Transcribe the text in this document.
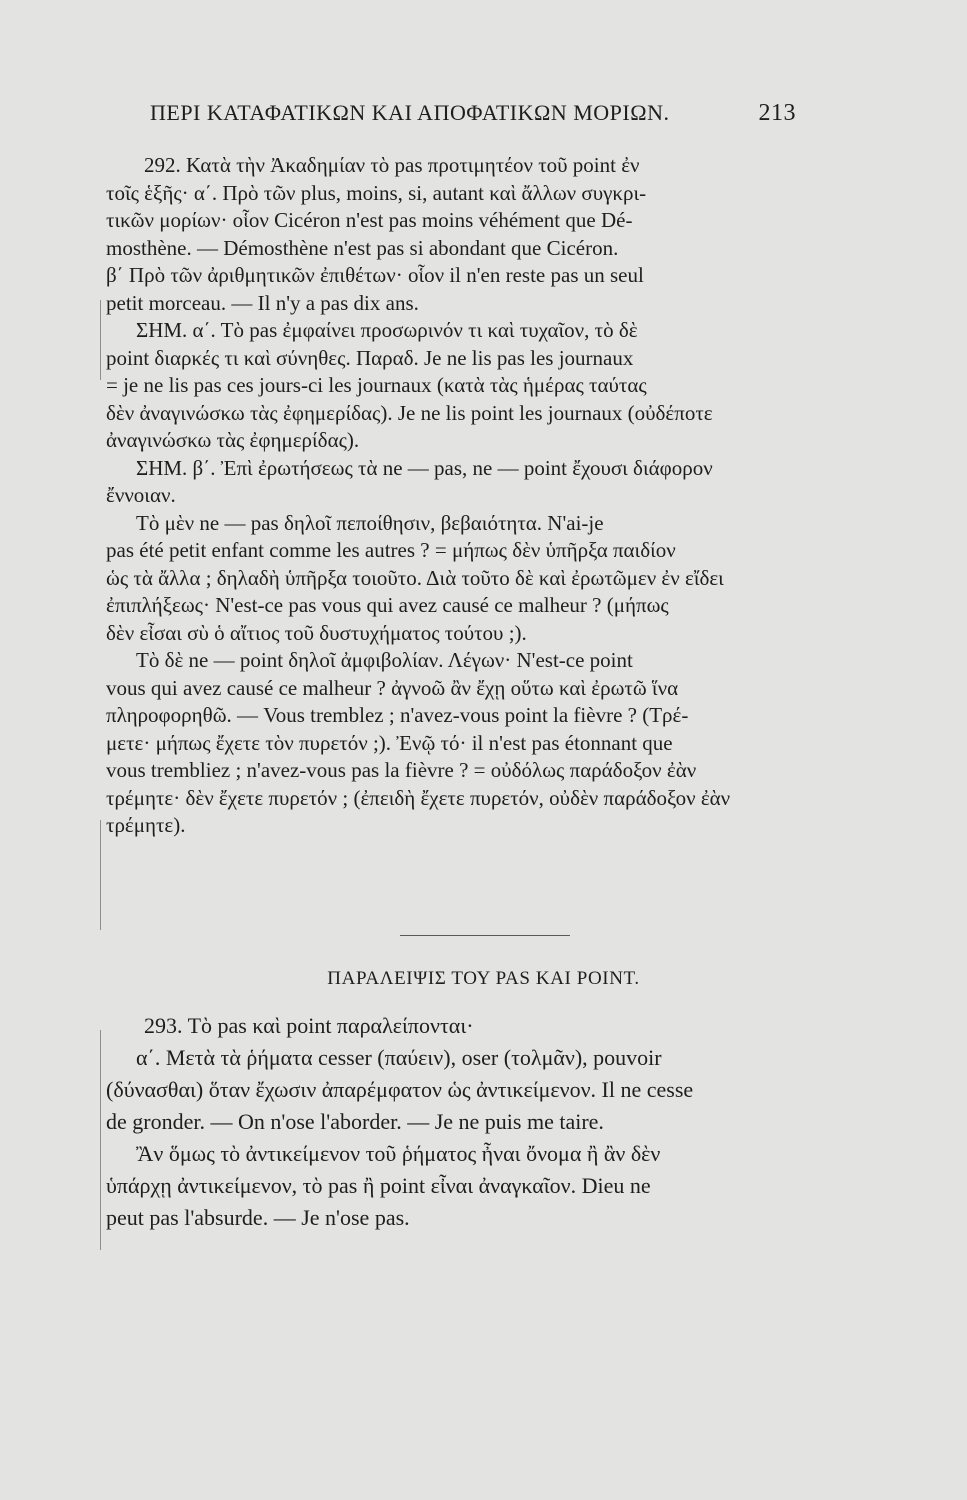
ΠΕΡΙ ΚΑΤΑΦΑΤΙΚΩΝ ΚΑΙ ΑΠΟΦΑΤΙΚΩΝ ΜΟΡΙΩΝ.	213
292. Κατὰ τὴν Ἀκαδημίαν τὸ pas προτιμητέον τοῦ point ἐν
τοῖς ἑξῆς· α΄. Πρὸ τῶν plus, moins, si, autant καὶ ἄλλων συγκρι-
τικῶν μορίων· οἷον Cicéron n'est pas moins véhément que Dé-
mosthène. — Démosthène n'est pas si abondant que Cicéron.
β΄ Πρὸ τῶν ἀριθμητικῶν ἐπιθέτων· οἷον il n'en reste pas un seul
petit morceau. — Il n'y a pas dix ans.
ΣΗΜ. α΄. Τὸ pas ἐμφαίνει προσωρινόν τι καὶ τυχαῖον, τὸ δὲ
point διαρκές τι καὶ σύνηθες. Παραδ. Je ne lis pas les journaux
= je ne lis pas ces jours-ci les journaux (κατὰ τὰς ἡμέρας ταύτας
δὲν ἀναγινώσκω τὰς ἐφημερίδας). Je ne lis point les journaux (οὐδέποτε
ἀναγινώσκω τὰς ἐφημερίδας).
ΣΗΜ. β΄. Ἐπὶ ἐρωτήσεως τὰ ne — pas, ne — point ἔχουσι διάφορον
ἔννοιαν.
Τὸ μὲν ne — pas δηλοῖ πεποίθησιν, βεβαιότητα. N'ai-je
pas été petit enfant comme les autres ? = μήπως δὲν ὑπῆρξα παιδίον
ὡς τὰ ἄλλα ; δηλαδὴ ὑπῆρξα τοιοῦτο. Διὰ τοῦτο δὲ καὶ ἐρωτῶμεν ἐν εἴδει
ἐπιπλήξεως· N'est-ce pas vous qui avez causé ce malheur ? (μήπως
δὲν εἶσαι σὺ ὁ αἴτιος τοῦ δυστυχήματος τούτου ;).
Τὸ δὲ ne — point δηλοῖ ἀμφιβολίαν. Λέγων· N'est-ce point
vous qui avez causé ce malheur ? ἀγνοῶ ἂν ἔχῃ οὕτω καὶ ἐρωτῶ ἵνα
πληροφορηθῶ. — Vous tremblez ; n'avez-vous point la fièvre ? (Τρέ-
μετε· μήπως ἔχετε τὸν πυρετόν ;). Ἐνῷ τό· il n'est pas étonnant que
vous trembliez ; n'avez-vous pas la fièvre ? = οὐδόλως παράδοξον ἐὰν
τρέμητε· δὲν ἔχετε πυρετόν ; (ἐπειδὴ ἔχετε πυρετόν, οὐδὲν παράδοξον ἐὰν
τρέμητε).
ΠΑΡΑΛΕΙΨΙΣ ΤΟΥ PAS ΚΑΙ POINT.
293. Τὸ pas καὶ point παραλείπονται·
α΄. Μετὰ τὰ ῥήματα cesser (παύειν), oser (τολμᾶν), pouvoir
(δύνασθαι) ὅταν ἔχωσιν ἀπαρέμφατον ὡς ἀντικείμενον. Il ne cesse
de gronder. — On n'ose l'aborder. — Je ne puis me taire.
Ἂν ὅμως τὸ ἀντικείμενον τοῦ ῥήματος ἦναι ὄνομα ἢ ἂν δὲν
ὑπάρχῃ ἀντικείμενον, τὸ pas ἢ point εἶναι ἀναγκαῖον. Dieu ne
peut pas l'absurde. — Je n'ose pas.
